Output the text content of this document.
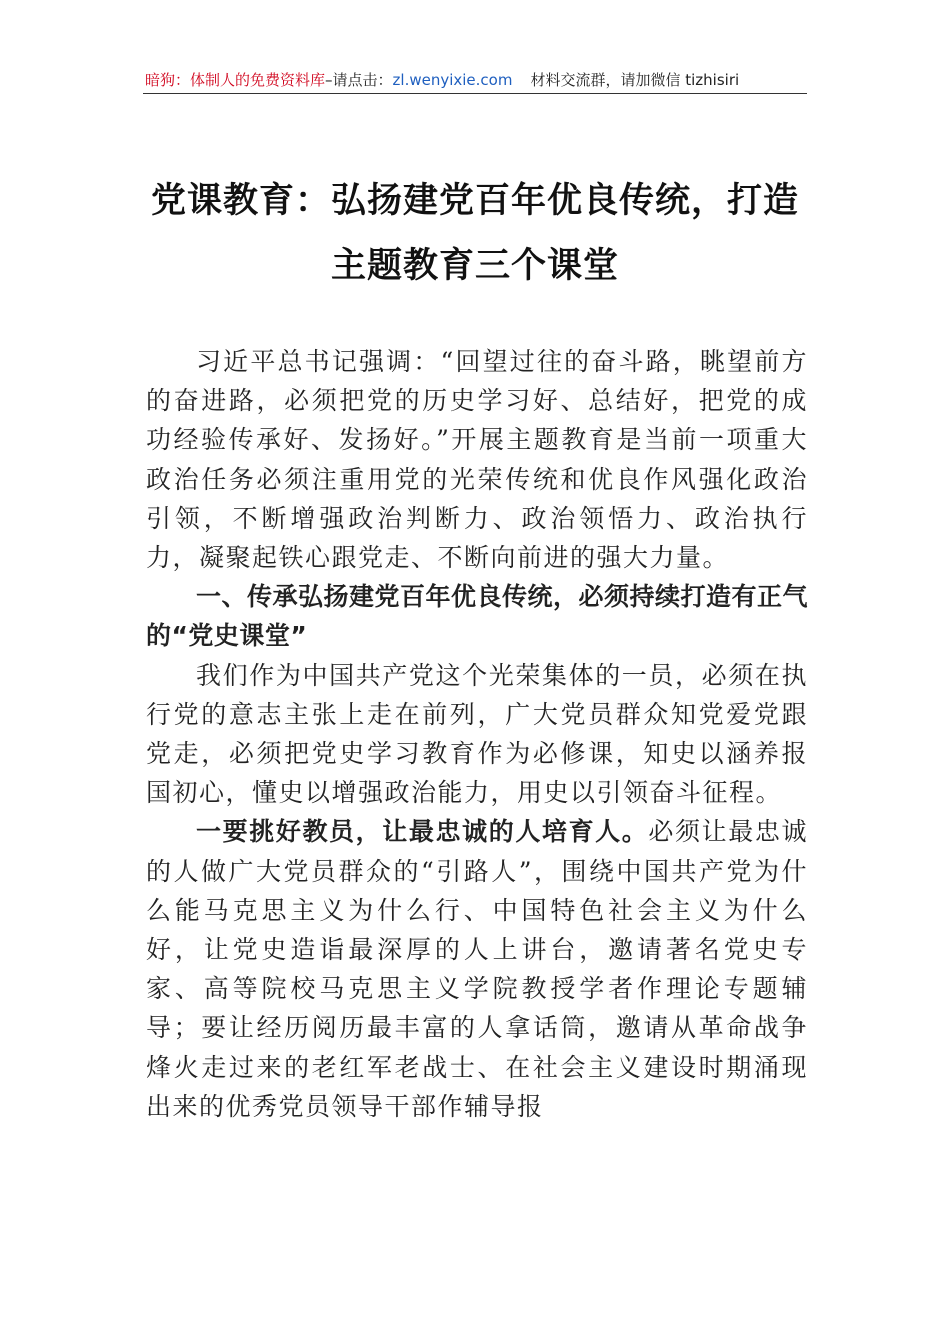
暗狗：体制人的免费资料库–请点击：zl.wenyixie.com 材料交流群，请加微信 tizhisiri
党课教育：弘扬建党百年优良传统，打造
主题教育三个课堂

习近平总书记强调：“回望过往的奋斗路，眺望前方的奋进路，必须把党的历史学习好、总结好，把党的成功经验传承好、发扬好。”开展主题教育是当前一项重大政治任务必须注重用党的光荣传统和优良作风强化政治引领，不断增强政治判断力、政治领悟力、政治执行力，凝聚起铁心跟党走、不断向前进的强大力量。

一、传承弘扬建党百年优良传统，必须持续打造有正气的“党史课堂”

我们作为中国共产党这个光荣集体的一员，必须在执行党的意志主张上走在前列，广大党员群众知党爱党跟党走，必须把党史学习教育作为必修课，知史以涵养报国初心，懂史以增强政治能力，用史以引领奋斗征程。

一要挑好教员，让最忠诚的人培育人。必须让最忠诚的人做广大党员群众的“引路人”，围绕中国共产党为什么能马克思主义为什么行、中国特色社会主义为什么好，让党史造诣最深厚的人上讲台，邀请著名党史专家、高等院校马克思主义学院教授学者作理论专题辅导；要让经历阅历最丰富的人拿话筒，邀请从革命战争烽火走过来的老红军老战士、在社会主义建设时期涌现出来的优秀党员领导干部作辅导报
